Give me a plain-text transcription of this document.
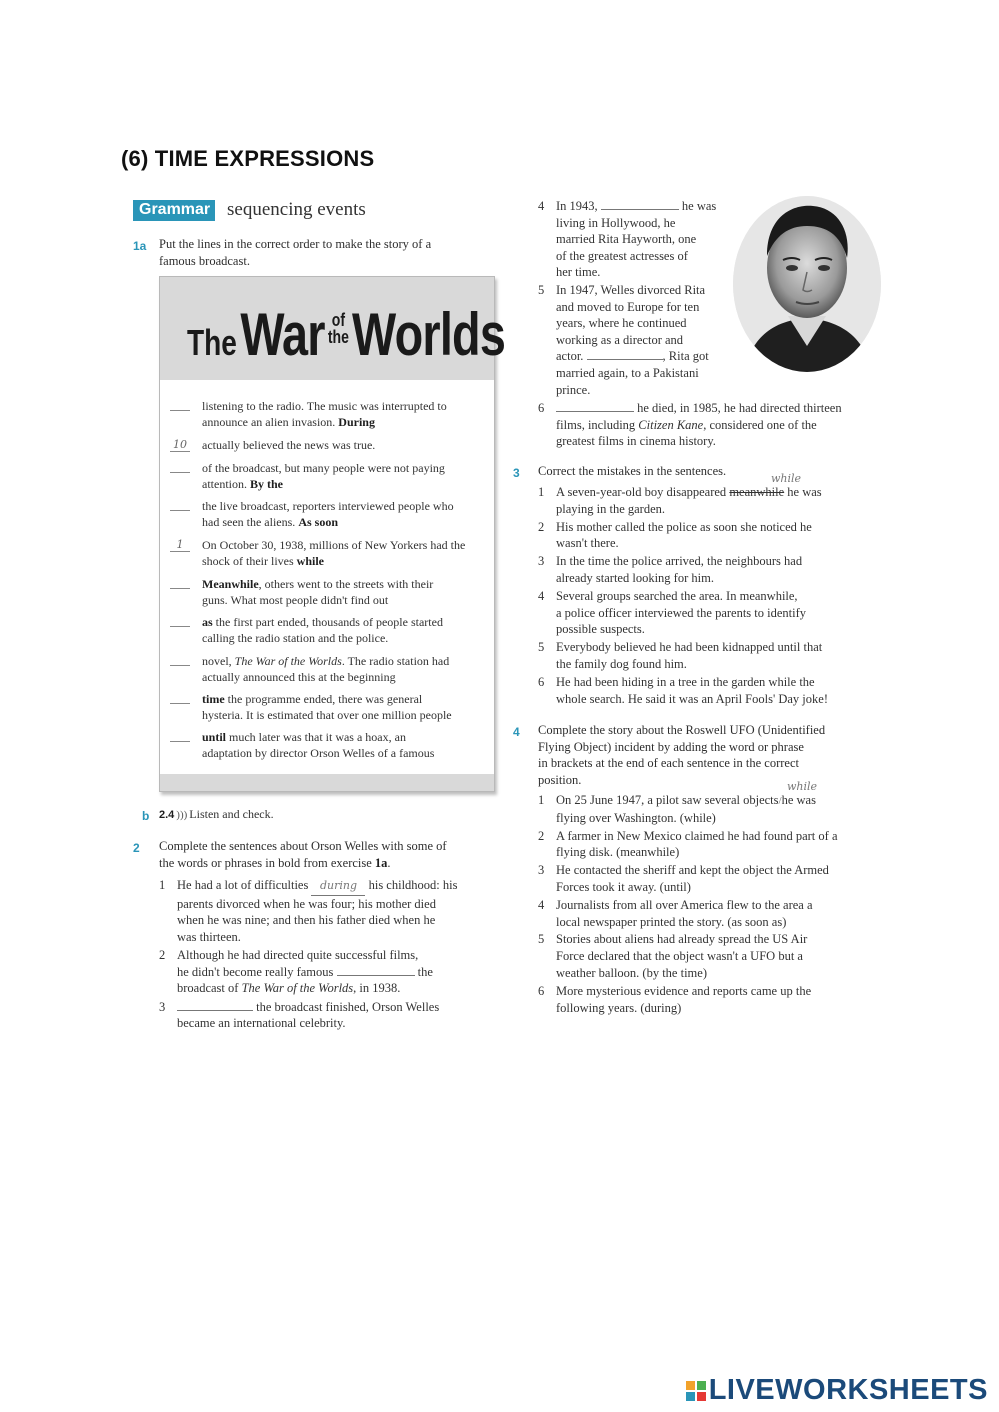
(6) TIME EXPRESSIONS
Grammar sequencing events
1a Put the lines in the correct order to make the story of a
famous broadcast.
The War of
theWorlds
listening to the radio. The music was interrupted to
announce an alien invasion. During
10 actually believed the news was true.
of the broadcast, but many people were not paying
attention. By the
the live broadcast, reporters interviewed people who
had seen the aliens. As soon
1	On October 30, 1938, millions of New Yorkers had the
shock of their lives while
Meanwhile, others went to the streets with their
guns. What most people didn't find out
as the first part ended, thousands of people started
calling the radio station and the police.
novel, The War of the Worlds. The radio station had
actually announced this at the beginning
time the programme ended, there was general
hysteria. It is estimated that over one million people
until much later was that it was a hoax, an
adaptation by director Orson Welles of a famous
b 2.4 ))) Listen and check.
2 Complete the sentences about Orson Welles with some of
the words or phrases in bold from exercise 1a.
1 He had a lot of difficulties during his childhood: his
parents divorced when he was four; his mother died
when he was nine; and then his father died when he
was thirteen.
2 Although he had directed quite successful films,
he didn't become really famous	the
broadcast of The War of the Worlds, in 1938.
3	the broadcast finished, Orson Welles
became an international celebrity.
4 In 1943,	he was
living in Hollywood, he
married Rita Hayworth, one
of the greatest actresses of
her time.
5 In 1947, Welles divorced Rita
and moved to Europe for ten
years, where he continued
working as a director and
actor.	, Rita got
married again, to a Pakistani
prince.
6	he died, in 1985, he had directed thirteen
films, including Citizen Kane, considered one of the
greatest films in cinema history.
3 Correct the mistakes in the sentences.
while
1 A seven-year-old boy disappeared meanwhile he was
playing in the garden.
2 His mother called the police as soon she noticed he
wasn't there.
3 In the time the police arrived, the neighbours had
already started looking for him.
4 Several groups searched the area. In meanwhile,
a police officer interviewed the parents to identify
possible suspects.
5 Everybody believed he had been kidnapped until that
the family dog found him.
6 He had been hiding in a tree in the garden while the
whole search. He said it was an April Fools' Day joke!
4 Complete the story about the Roswell UFO (Unidentified
Flying Object) incident by adding the word or phrase
in brackets at the end of each sentence in the correct
position.	while
1 On 25 June 1947, a pilot saw several objects/he was
flying over Washington. (while)
2 A farmer in New Mexico claimed he had found part of a
flying disk. (meanwhile)
3 He contacted the sheriff and kept the object the Armed
Forces took it away. (until)
4 Journalists from all over America flew to the area a
local newspaper printed the story. (as soon as)
5 Stories about aliens had already spread the US Air
Force declared that the object wasn't a UFO but a
weather balloon. (by the time)
6 More mysterious evidence and reports came up the
following years. (during)
LIVEWORKSHEETS
